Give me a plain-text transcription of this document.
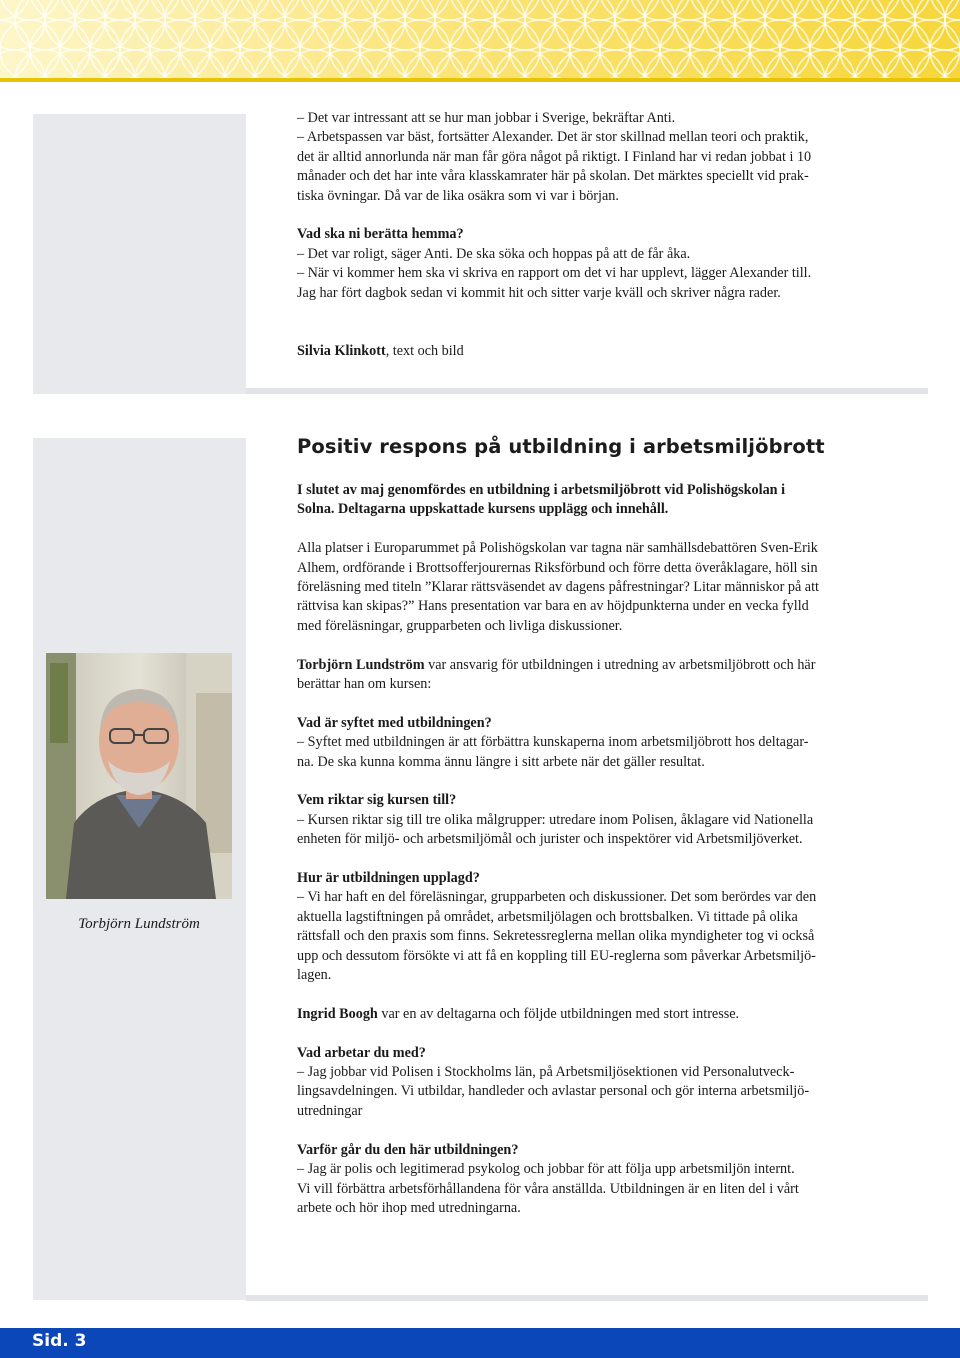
– Det var intressant att se hur man jobbar i Sverige, bekräftar Anti.

– Arbetspassen var bäst, fortsätter Alexander. Det är stor skillnad mellan teori och praktik,

det är alltid annorlunda när man får göra något på riktigt. I Finland har vi redan jobbat i 10

månader och det har inte våra klasskamrater här på skolan. Det märktes speciellt vid prak-

tiska övningar. Då var de lika osäkra som vi var i början.

Vad ska ni berätta hemma?

– Det var roligt, säger Anti. De ska söka och hoppas på att de får åka.

– När vi kommer hem ska vi skriva en rapport om det vi har upplevt, lägger Alexander till.

Jag har fört dagbok sedan vi kommit hit och sitter varje kväll och skriver några rader.

Silvia Klinkott, text och bild

Positiv respons på utbildning i arbetsmiljöbrott

I slutet av maj genomfördes en utbildning i arbetsmiljöbrott vid Polishögskolan i

Solna. Deltagarna uppskattade kursens upplägg och innehåll.

Alla platser i Europarummet på Polishögskolan var tagna när samhällsdebattören Sven-Erik

Alhem, ordförande i Brottsofferjourernas Riksförbund och förre detta överåklagare, höll sin

föreläsning med titeln ”Klarar rättsväsendet av dagens påfrestningar? Litar människor på att

rättvisa kan skipas?” Hans presentation var bara en av höjdpunkterna under en vecka fylld

med föreläsningar, grupparbeten och livliga diskussioner.

Torbjörn Lundström var ansvarig för utbildningen i utredning av arbetsmiljöbrott och här

berättar han om kursen:

Vad är syftet med utbildningen?

– Syftet med utbildningen är att förbättra kunskaperna inom arbetsmiljöbrott hos deltagar-

na. De ska kunna komma ännu längre i sitt arbete när det gäller resultat.

Vem riktar sig kursen till?

– Kursen riktar sig till tre olika målgrupper: utredare inom Polisen, åklagare vid Nationella

enheten för miljö- och arbetsmiljömål och jurister och inspektörer vid Arbetsmiljöverket.

Hur är utbildningen upplagd?

– Vi har haft en del föreläsningar, grupparbeten och diskussioner. Det som berördes var den

aktuella lagstiftningen på området, arbetsmiljölagen och brottsbalken. Vi tittade på olika

rättsfall och den praxis som finns. Sekretessreglerna mellan olika myndigheter tog vi också

upp och dessutom försökte vi att få en koppling till EU-reglerna som påverkar Arbetsmiljö-

lagen.

Ingrid Boogh var en av deltagarna och följde utbildningen med stort intresse.

Vad arbetar du med?

– Jag jobbar vid Polisen i Stockholms län, på Arbetsmiljösektionen vid Personalutveck-

lingsavdelningen. Vi utbildar, handleder och avlastar personal och gör interna arbetsmiljö-

utredningar

Varför går du den här utbildningen?

– Jag är polis och legitimerad psykolog och jobbar för att följa upp arbetsmiljön internt.

Vi vill förbättra arbetsförhållandena för våra anställda. Utbildningen är en liten del i vårt

arbete och hör ihop med utredningarna.

Torbjörn Lundström
Sid. 3
